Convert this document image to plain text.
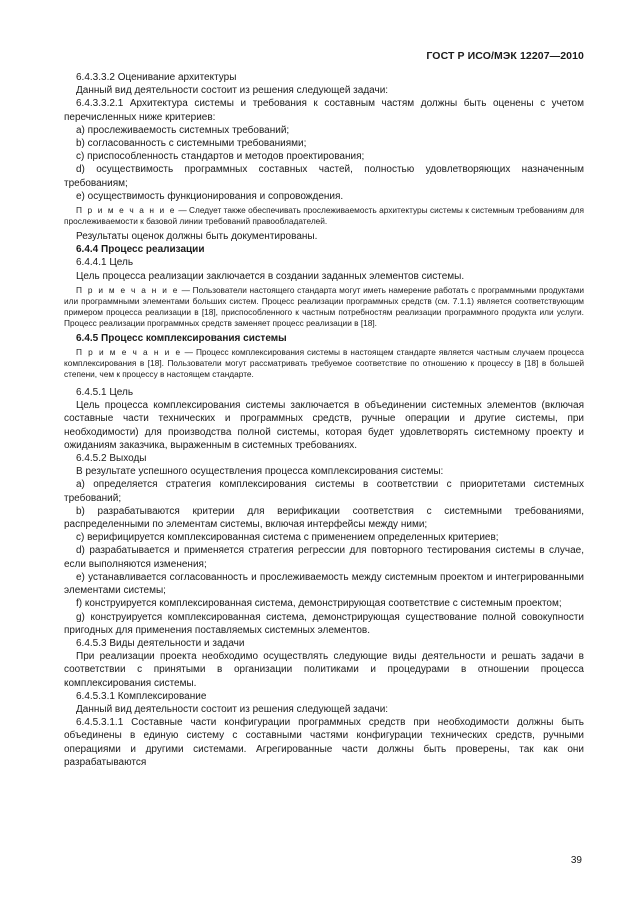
ГОСТ Р ИСО/МЭК 12207—2010

6.4.3.3.2 Оценивание архитектуры

Данный вид деятельности состоит из решения следующей задачи:

6.4.3.3.2.1 Архитектура системы и требования к составным частям должны быть оценены с учетом перечисленных ниже критериев:

a) прослеживаемость системных требований;

b) согласованность с системными требованиями;

c) приспособленность стандартов и методов проектирования;

d) осуществимость программных составных частей, полностью удовлетворяющих назначенным требованиям;

e) осуществимость функционирования и сопровождения.

П р и м е ч а н и е — Следует также обеспечивать прослеживаемость архитектуры системы к системным требованиям для прослеживаемости к базовой линии требований правообладателей.

Результаты оценок должны быть документированы.

6.4.4 Процесс реализации

6.4.4.1 Цель

Цель процесса реализации заключается в создании заданных элементов системы.

П р и м е ч а н и е — Пользователи настоящего стандарта могут иметь намерение работать с программными продуктами или программными элементами больших систем. Процесс реализации программных средств (см. 7.1.1) является соответствующим примером процесса реализации в [18], приспособленного к частным потребностям реализации программного продукта или услуги. Процесс реализации программных средств заменяет процесс реализации в [18].

6.4.5 Процесс комплексирования системы

П р и м е ч а н и е — Процесс комплексирования системы в настоящем стандарте является частным случаем процесса комплексирования в [18]. Пользователи могут рассматривать требуемое соответствие по отношению к процессу в [18] в большей степени, чем к процессу в настоящем стандарте.

6.4.5.1 Цель

Цель процесса комплексирования системы заключается в объединении системных элементов (включая составные части технических и программных средств, ручные операции и другие системы, при необходимости) для производства полной системы, которая будет удовлетворять системному проекту и ожиданиям заказчика, выраженным в системных требованиях.

6.4.5.2 Выходы

В результате успешного осуществления процесса комплексирования системы:

a) определяется стратегия комплексирования системы в соответствии с приоритетами системных требований;

b) разрабатываются критерии для верификации соответствия с системными требованиями, распределенными по элементам системы, включая интерфейсы между ними;

c) верифицируется комплексированная система с применением определенных критериев;

d) разрабатывается и применяется стратегия регрессии для повторного тестирования системы в случае, если выполняются изменения;

e) устанавливается согласованность и прослеживаемость между системным проектом и интегрированными элементами системы;

f) конструируется комплексированная система, демонстрирующая соответствие с системным проектом;

g) конструируется комплексированная система, демонстрирующая существование полной совокупности пригодных для применения поставляемых системных элементов.

6.4.5.3 Виды деятельности и задачи

При реализации проекта необходимо осуществлять следующие виды деятельности и решать задачи в соответствии с принятыми в организации политиками и процедурами в отношении процесса комплексирования системы.

6.4.5.3.1 Комплексирование

Данный вид деятельности состоит из решения следующей задачи:

6.4.5.3.1.1 Составные части конфигурации программных средств при необходимости должны быть объединены в единую систему с составными частями конфигурации технических средств, ручными операциями и другими системами. Агрегированные части должны быть проверены, так как они разрабатываются

39
